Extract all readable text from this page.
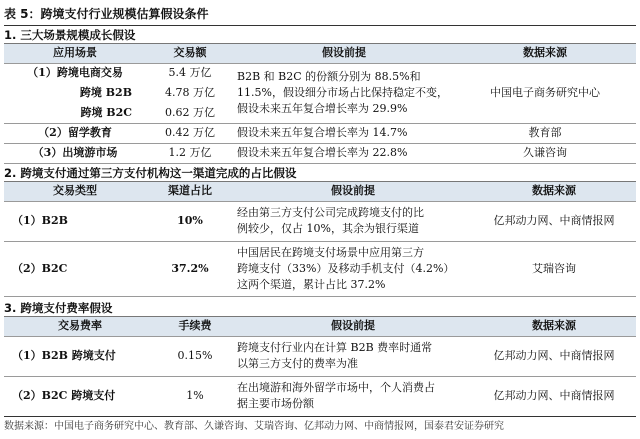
表 5：跨境支付行业规模估算假设条件
1. 三大场景规模成长假设
应用场景	交易额	假设前提	数据来源
（1）跨境电商交易	5.4 万亿	B2B 和 B2C 的份额分别为 88.5%和
11.5%，假设细分市场占比保持稳定不变，
假设未来五年复合增长率为 29.9%	中国电子商务研究中心
跨境 B2B	4.78 万亿		
跨境 B2C	0.62 万亿		
（2）留学教育	0.42 万亿	假设未来五年复合增长率为 14.7%	教育部
（3）出境游市场	1.2 万亿	假设未来五年复合增长率为 22.8%	久谦咨询
2. 跨境支付通过第三方支付机构这一渠道完成的占比假设
交易类型	渠道占比	假设前提	数据来源
（1）B2B	10%	经由第三方支付公司完成跨境支付的比
例较少，仅占 10%，其余为银行渠道	亿邦动力网、中商情报网
（2）B2C	37.2%	中国居民在跨境支付场景中应用第三方
跨境支付（33%）及移动手机支付（4.2%）
这两个渠道，累计占比 37.2%	艾瑞咨询
3. 跨境支付费率假设
交易费率	手续费	假设前提	数据来源
（1）B2B 跨境支付	0.15%	跨境支付行业内在计算 B2B 费率时通常
以第三方支付的费率为准	亿邦动力网、中商情报网
（2）B2C 跨境支付	1%	在出境游和海外留学市场中，个人消费占
据主要市场份额	亿邦动力网、中商情报网
数据来源：中国电子商务研究中心、教育部、久谦咨询、艾瑞咨询、亿邦动力网、中商情报网，国泰君安证券研究
